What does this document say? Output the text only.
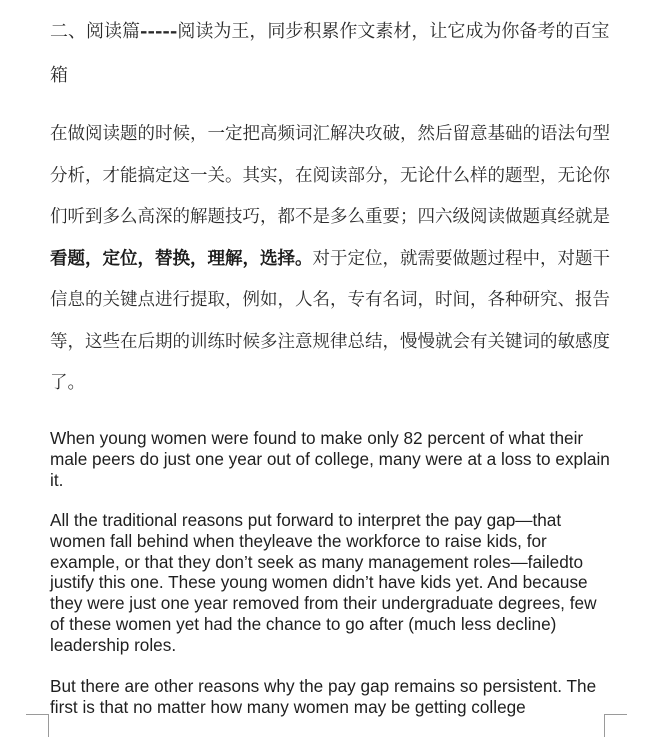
二、阅读篇-----阅读为王，同步积累作文素材，让它成为你备考的百宝箱

在做阅读题的时候，一定把高频词汇解决攻破，然后留意基础的语法句型分析，才能搞定这一关。其实，在阅读部分，无论什么样的题型，无论你们听到多么高深的解题技巧，都不是多么重要；四六级阅读做题真经就是看题，定位，替换，理解，选择。对于定位，就需要做题过程中，对题干信息的关键点进行提取，例如，人名，专有名词，时间，各种研究、报告等，这些在后期的训练时候多注意规律总结，慢慢就会有关键词的敏感度了。

When young women were found to make only 82 percent of what their male peers do just one year out of college, many were at a loss to explain it.

All the traditional reasons put forward to interpret the pay gap—that women fall behind when theyleave the workforce to raise kids, for example, or that they don’t seek as many management roles—failedto justify this one. These young women didn’t have kids yet. And because they were just one year removed from their undergraduate degrees, few of these women yet had the chance to go after (much less decline) leadership roles.

But there are other reasons why the pay gap remains so persistent. The first is that no matter how many women may be getting college
